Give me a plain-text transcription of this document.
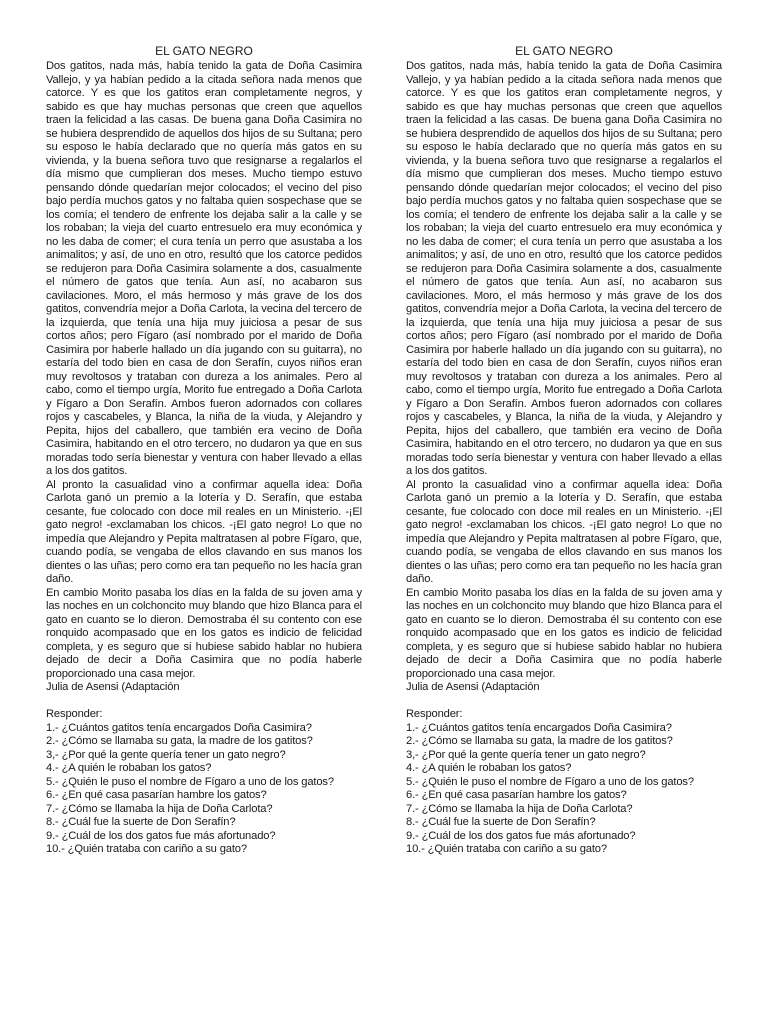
EL GATO NEGRO

Dos gatitos, nada más, había tenido la gata de Doña Casimira Vallejo, y ya habían pedido a la citada señora nada menos que catorce. Y es que los gatitos eran completamente negros, y sabido es que hay muchas personas que creen que aquellos traen la felicidad a las casas. De buena gana Doña Casimira no se hubiera desprendido de aquellos dos hijos de su Sultana; pero su esposo le había declarado que no quería más gatos en su vivienda, y la buena señora tuvo que resignarse a regalarlos el día mismo que cumplieran dos meses. Mucho tiempo estuvo pensando dónde quedarían mejor colocados; el vecino del piso bajo perdía muchos gatos y no faltaba quien sospechase que se los comía; el tendero de enfrente los dejaba salir a la calle y se los robaban; la vieja del cuarto entresuelo era muy económica y no les daba de comer; el cura tenía un perro que asustaba a los animalitos; y así, de uno en otro, resultó que los catorce pedidos se redujeron para Doña Casimira solamente a dos, casualmente el número de gatos que tenía. Aun así, no acabaron sus cavilaciones. Moro, el más hermoso y más grave de los dos gatitos, convendría mejor a Doña Carlota, la vecina del tercero de la izquierda, que tenía una hija muy juiciosa a pesar de sus cortos años; pero Fígaro (así nombrado por el marido de Doña Casimira por haberle hallado un día jugando con su guitarra), no estaría del todo bien en casa de don Serafín, cuyos niños eran muy revoltosos y trataban con dureza a los animales. Pero al cabo, como el tiempo urgía, Morito fue entregado a Doña Carlota y Fígaro a Don Serafín. Ambos fueron adornados con collares rojos y cascabeles, y Blanca, la niña de la viuda, y Alejandro y Pepita, hijos del caballero, que también era vecino de Doña Casimira, habitando en el otro tercero, no dudaron ya que en sus moradas todo sería bienestar y ventura con haber llevado a ellas a los dos gatitos.

Al pronto la casualidad vino a confirmar aquella idea: Doña Carlota ganó un premio a la lotería y D. Serafín, que estaba cesante, fue colocado con doce mil reales en un Ministerio. -¡El gato negro! -exclamaban los chicos. -¡El gato negro! Lo que no impedía que Alejandro y Pepita maltratasen al pobre Fígaro, que, cuando podía, se vengaba de ellos clavando en sus manos los dientes o las uñas; pero como era tan pequeño no les hacía gran daño.

En cambio Morito pasaba los días en la falda de su joven ama y las noches en un colchoncito muy blando que hizo Blanca para el gato en cuanto se lo dieron. Demostraba él su contento con ese ronquido acompasado que en los gatos es indicio de felicidad completa, y es seguro que si hubiese sabido hablar no hubiera dejado de decir a Doña Casimira que no podía haberle proporcionado una casa mejor.

Julia de Asensi (Adaptación

Responder:

1.- ¿Cuántos gatitos tenía encargados Doña Casimira?
2.- ¿Cómo se llamaba su gata, la madre de los gatitos?
3,- ¿Por qué la gente quería tener un gato negro?
4.- ¿A quién le robaban los gatos?
5.- ¿Quién le puso el nombre de Fígaro a uno de los gatos?
6.- ¿En qué casa pasarían hambre los gatos?
7.- ¿Cómo se llamaba la hija de Doña Carlota?
8.- ¿Cuál fue la suerte de Don Serafín?
9.- ¿Cuál de los dos gatos fue más afortunado?
10.- ¿Quién trataba con cariño a su gato?
EL GATO NEGRO

Dos gatitos, nada más, había tenido la gata de Doña Casimira Vallejo, y ya habían pedido a la citada señora nada menos que catorce. Y es que los gatitos eran completamente negros, y sabido es que hay muchas personas que creen que aquellos traen la felicidad a las casas. De buena gana Doña Casimira no se hubiera desprendido de aquellos dos hijos de su Sultana; pero su esposo le había declarado que no quería más gatos en su vivienda, y la buena señora tuvo que resignarse a regalarlos el día mismo que cumplieran dos meses. Mucho tiempo estuvo pensando dónde quedarían mejor colocados; el vecino del piso bajo perdía muchos gatos y no faltaba quien sospechase que se los comía; el tendero de enfrente los dejaba salir a la calle y se los robaban; la vieja del cuarto entresuelo era muy económica y no les daba de comer; el cura tenía un perro que asustaba a los animalitos; y así, de uno en otro, resultó que los catorce pedidos se redujeron para Doña Casimira solamente a dos, casualmente el número de gatos que tenía. Aun así, no acabaron sus cavilaciones. Moro, el más hermoso y más grave de los dos gatitos, convendría mejor a Doña Carlota, la vecina del tercero de la izquierda, que tenía una hija muy juiciosa a pesar de sus cortos años; pero Fígaro (así nombrado por el marido de Doña Casimira por haberle hallado un día jugando con su guitarra), no estaría del todo bien en casa de don Serafín, cuyos niños eran muy revoltosos y trataban con dureza a los animales. Pero al cabo, como el tiempo urgía, Morito fue entregado a Doña Carlota y Fígaro a Don Serafín. Ambos fueron adornados con collares rojos y cascabeles, y Blanca, la niña de la viuda, y Alejandro y Pepita, hijos del caballero, que también era vecino de Doña Casimira, habitando en el otro tercero, no dudaron ya que en sus moradas todo sería bienestar y ventura con haber llevado a ellas a los dos gatitos.

Al pronto la casualidad vino a confirmar aquella idea: Doña Carlota ganó un premio a la lotería y D. Serafín, que estaba cesante, fue colocado con doce mil reales en un Ministerio. -¡El gato negro! -exclamaban los chicos. -¡El gato negro! Lo que no impedía que Alejandro y Pepita maltratasen al pobre Fígaro, que, cuando podía, se vengaba de ellos clavando en sus manos los dientes o las uñas; pero como era tan pequeño no les hacía gran daño.

En cambio Morito pasaba los días en la falda de su joven ama y las noches en un colchoncito muy blando que hizo Blanca para el gato en cuanto se lo dieron. Demostraba él su contento con ese ronquido acompasado que en los gatos es indicio de felicidad completa, y es seguro que si hubiese sabido hablar no hubiera dejado de decir a Doña Casimira que no podía haberle proporcionado una casa mejor.

Julia de Asensi (Adaptación

Responder:

1.- ¿Cuántos gatitos tenía encargados Doña Casimira?
2.- ¿Cómo se llamaba su gata, la madre de los gatitos?
3,- ¿Por qué la gente quería tener un gato negro?
4.- ¿A quién le robaban los gatos?
5.- ¿Quién le puso el nombre de Fígaro a uno de los gatos?
6.- ¿En qué casa pasarían hambre los gatos?
7.- ¿Cómo se llamaba la hija de Doña Carlota?
8.- ¿Cuál fue la suerte de Don Serafín?
9.- ¿Cuál de los dos gatos fue más afortunado?
10.- ¿Quién trataba con cariño a su gato?
